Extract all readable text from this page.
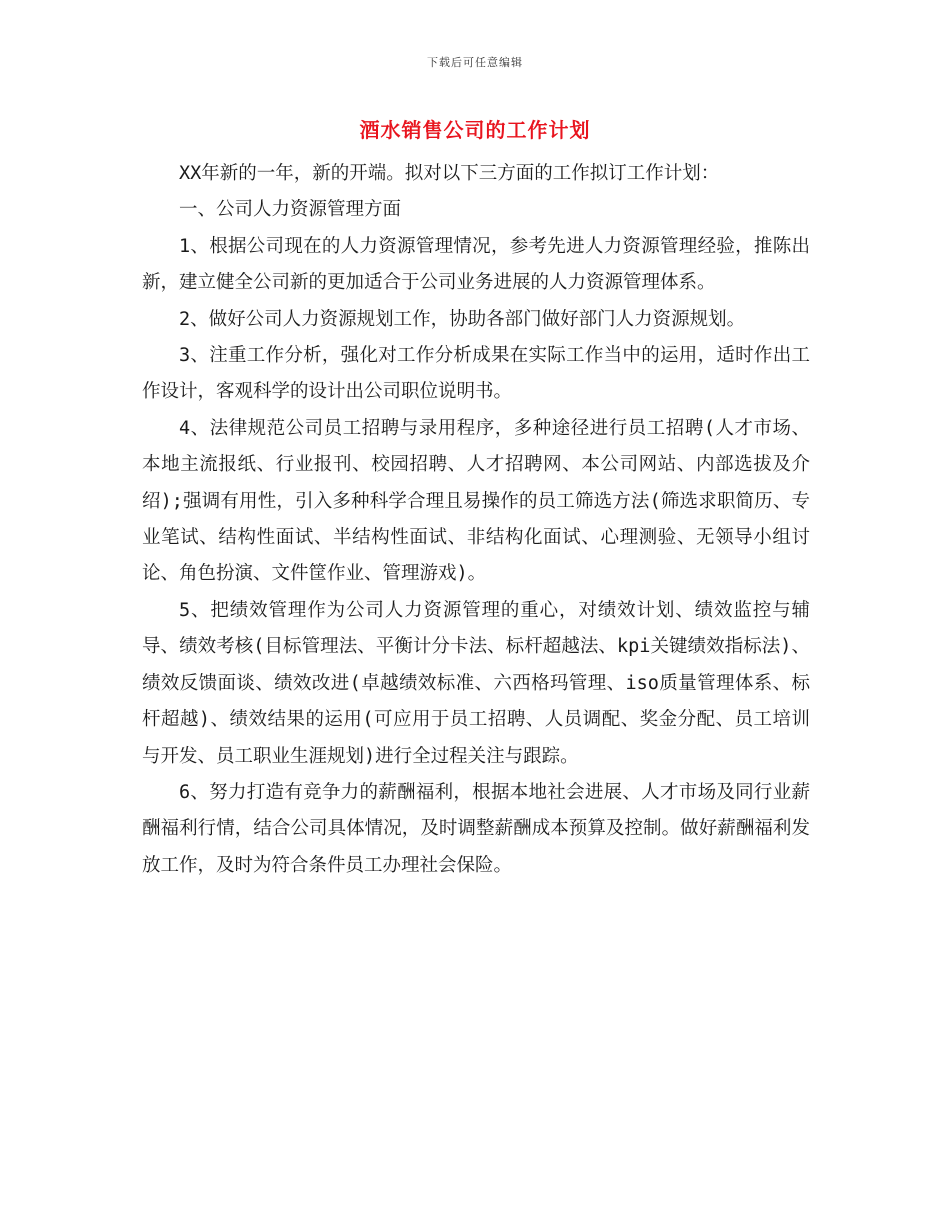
下载后可任意编辑
酒水销售公司的工作计划

XX年新的一年，新的开端。拟对以下三方面的工作拟订工作计划：

一、公司人力资源管理方面

1、根据公司现在的人力资源管理情况，参考先进人力资源管理经验，推陈出新，建立健全公司新的更加适合于公司业务进展的人力资源管理体系。

2、做好公司人力资源规划工作，协助各部门做好部门人力资源规划。

3、注重工作分析，强化对工作分析成果在实际工作当中的运用，适时作出工作设计，客观科学的设计出公司职位说明书。

4、法律规范公司员工招聘与录用程序，多种途径进行员工招聘(人才市场、本地主流报纸、行业报刊、校园招聘、人才招聘网、本公司网站、内部选拔及介绍);强调有用性，引入多种科学合理且易操作的员工筛选方法(筛选求职简历、专业笔试、结构性面试、半结构性面试、非结构化面试、心理测验、无领导小组讨论、角色扮演、文件筐作业、管理游戏)。

5、把绩效管理作为公司人力资源管理的重心，对绩效计划、绩效监控与辅导、绩效考核(目标管理法、平衡计分卡法、标杆超越法、kpi关键绩效指标法)、绩效反馈面谈、绩效改进(卓越绩效标准、六西格玛管理、iso质量管理体系、标杆超越)、绩效结果的运用(可应用于员工招聘、人员调配、奖金分配、员工培训与开发、员工职业生涯规划)进行全过程关注与跟踪。

6、努力打造有竞争力的薪酬福利，根据本地社会进展、人才市场及同行业薪酬福利行情，结合公司具体情况，及时调整薪酬成本预算及控制。做好薪酬福利发放工作，及时为符合条件员工办理社会保险。
